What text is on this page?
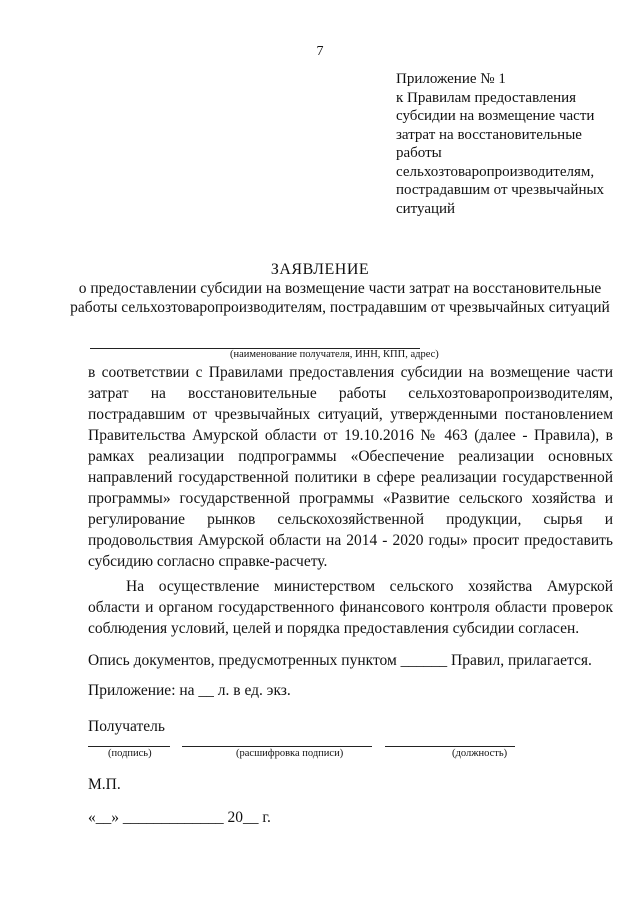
7
Приложение № 1
к Правилам предоставления
субсидии на возмещение части
затрат на восстановительные
работы
сельхозтоваропроизводителям,
пострадавшим от чрезвычайных
ситуаций
ЗАЯВЛЕНИЕ
о предоставлении субсидии на возмещение части затрат на восстановительные работы сельхозтоваропроизводителям, пострадавшим от чрезвычайных ситуаций
(наименование получателя, ИНН, КПП, адрес)
в соответствии с Правилами предоставления субсидии на возмещение части затрат на восстановительные работы сельхозтоваропроизводителям, пострадавшим от чрезвычайных ситуаций, утвержденными постановлением Правительства Амурской области от 19.10.2016 № 463 (далее - Правила), в рамках реализации подпрограммы «Обеспечение реализации основных направлений государственной политики в сфере реализации государственной программы» государственной программы «Развитие сельского хозяйства и регулирование рынков сельскохозяйственной продукции, сырья и продовольствия Амурской области на 2014 - 2020 годы» просит предоставить субсидию согласно справке-расчету.
На осуществление министерством сельского хозяйства Амурской области и органом государственного финансового контроля области проверок соблюдения условий, целей и порядка предоставления субсидии согласен.
Опись документов, предусмотренных пунктом ______ Правил, прилагается.
Приложение: на __ л. в ед. экз.
Получатель
(подпись)	(расшифровка подписи)	(должность)
М.П.
«__» _____________ 20__ г.
